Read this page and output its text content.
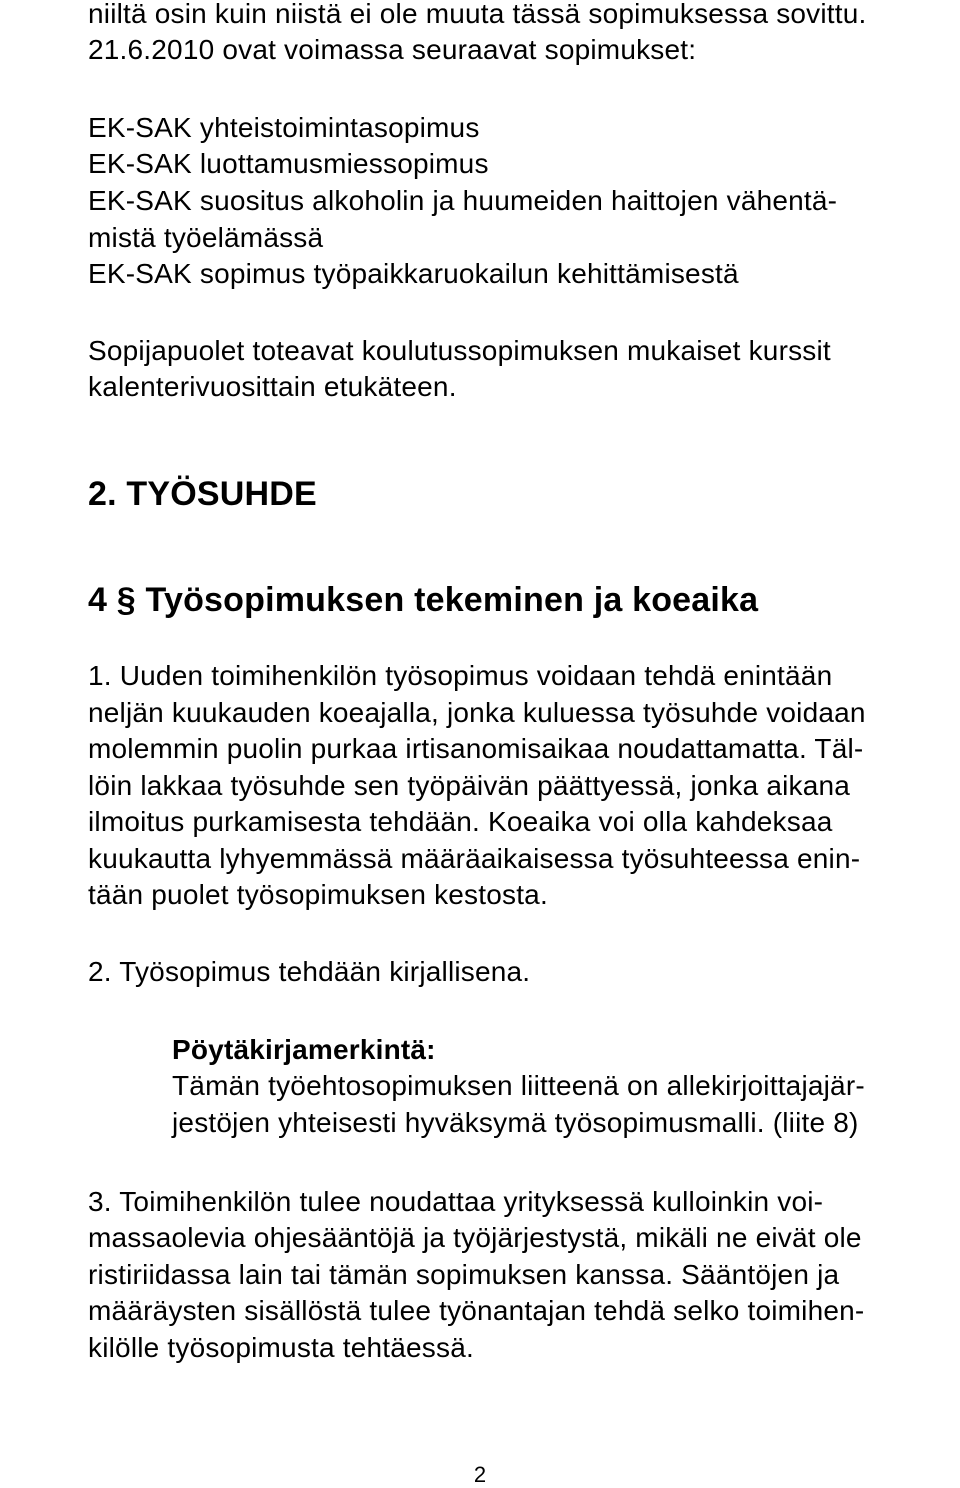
niiltä osin kuin niistä ei ole muuta tässä sopimuksessa sovittu.
21.6.2010 ovat voimassa seuraavat sopimukset:
EK-SAK yhteistoimintasopimus
EK-SAK luottamusmiessopimus
EK-SAK suositus alkoholin ja huumeiden haittojen vähentä-
mistä työelämässä
EK-SAK sopimus työpaikkaruokailun kehittämisestä
Sopijapuolet toteavat koulutussopimuksen mukaiset kurssit
kalenterivuosittain etukäteen.
2. TYÖSUHDE
4 § Työsopimuksen tekeminen ja koeaika
1. Uuden toimihenkilön työsopimus voidaan tehdä enintään
neljän kuukauden koeajalla, jonka kuluessa työsuhde voidaan
molemmin puolin purkaa irtisanomisaikaa noudattamatta. Täl-
löin lakkaa työsuhde sen työpäivän päättyessä, jonka aikana
ilmoitus purkamisesta tehdään. Koeaika voi olla kahdeksaa
kuukautta lyhyemmässä määräaikaisessa työsuhteessa enin-
tään puolet työsopimuksen kestosta.
2. Työsopimus tehdään kirjallisena.
Pöytäkirjamerkintä:
Tämän työehtosopimuksen liitteenä on allekirjoittajajär-
jestöjen yhteisesti hyväksymä työsopimusmalli. (liite 8)
3. Toimihenkilön tulee noudattaa yrityksessä kulloinkin voi-
massaolevia ohjesääntöjä ja työjärjestystä, mikäli ne eivät ole
ristiriidassa lain tai tämän sopimuksen kanssa. Sääntöjen ja
määräysten sisällöstä tulee työnantajan tehdä selko toimihen-
kilölle työsopimusta tehtäessä.
2
